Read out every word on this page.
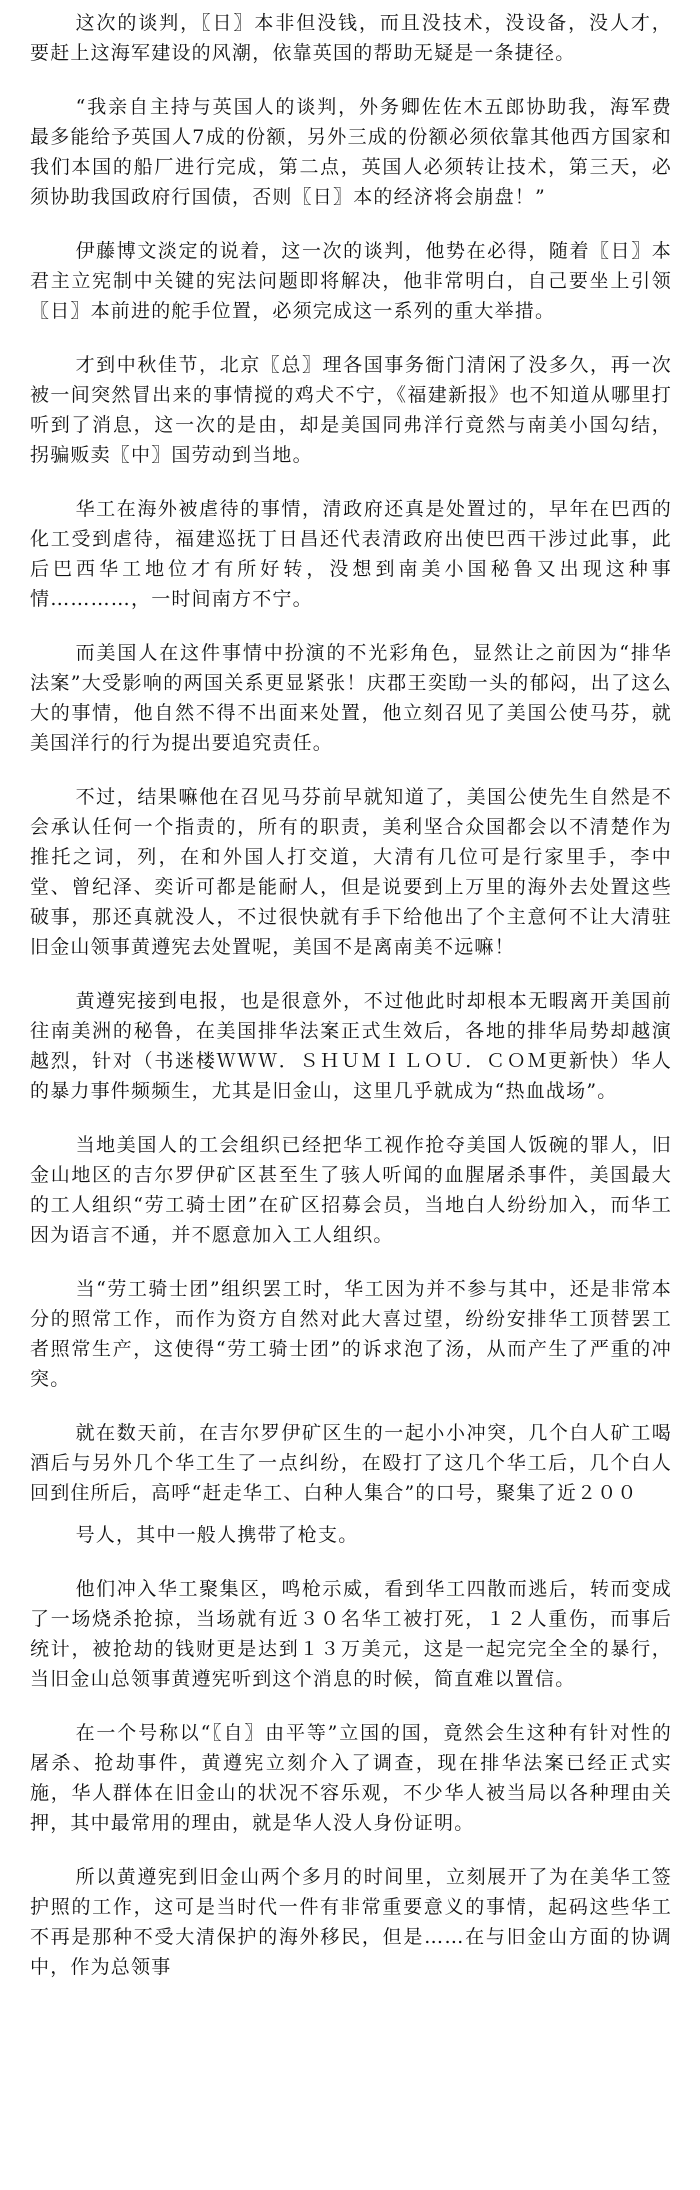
这次的谈判，〖日〗本非但没钱，而且没技术，没设备，没人才，要赶上这海军建设的风潮，依靠英国的帮助无疑是一条捷径。

“我亲自主持与英国人的谈判，外务卿佐佐木五郎协助我，海军费最多能给予英国人7成的份额，另外三成的份额必须依靠其他西方国家和我们本国的船厂进行完成，第二点，英国人必须转让技术，第三天，必须协助我国政府行国债，否则〖日〗本的经济将会崩盘！”

伊藤博文淡定的说着，这一次的谈判，他势在必得，随着〖日〗本君主立宪制中关键的宪法问题即将解决，他非常明白，自己要坐上引领〖日〗本前进的舵手位置，必须完成这一系列的重大举措。

才到中秋佳节，北京〖总〗理各国事务衙门清闲了没多久，再一次被一间突然冒出来的事情搅的鸡犬不宁，《福建新报》也不知道从哪里打听到了消息，这一次的是由，却是美国同弗洋行竟然与南美小国勾结，拐骗贩卖〖中〗国劳动到当地。

华工在海外被虐待的事情，清政府还真是处置过的，早年在巴西的化工受到虐待，福建巡抚丁日昌还代表清政府出使巴西干涉过此事，此后巴西华工地位才有所好转，没想到南美小国秘鲁又出现这种事情…………，一时间南方不宁。

而美国人在这件事情中扮演的不光彩角色，显然让之前因为“排华法案”大受影响的两国关系更显紧张！庆郡王奕劻一头的郁闷，出了这么大的事情，他自然不得不出面来处置，他立刻召见了美国公使马芬，就美国洋行的行为提出要追究责任。

不过，结果嘛他在召见马芬前早就知道了，美国公使先生自然是不会承认任何一个指责的，所有的职责，美利坚合众国都会以不清楚作为推托之词，列，在和外国人打交道，大清有几位可是行家里手，李中堂、曾纪泽、奕䜣可都是能耐人，但是说要到上万里的海外去处置这些破事，那还真就没人，不过很快就有手下给他出了个主意何不让大清驻旧金山领事黄遵宪去处置呢，美国不是离南美不远嘛！

黄遵宪接到电报，也是很意外，不过他此时却根本无暇离开美国前往南美洲的秘鲁，在美国排华法案正式生效后，各地的排华局势却越演越烈，针对（书迷楼ＷＷＷ．ＳＨＵＭＩＬＯＵ．ＣＯＭ更新快）华人的暴力事件频频生，尤其是旧金山，这里几乎就成为“热血战场”。

当地美国人的工会组织已经把华工视作抢夺美国人饭碗的罪人，旧金山地区的吉尔罗伊矿区甚至生了骇人听闻的血腥屠杀事件，美国最大的工人组织“劳工骑士团”在矿区招募会员，当地白人纷纷加入，而华工因为语言不通，并不愿意加入工人组织。

当“劳工骑士团”组织罢工时，华工因为并不参与其中，还是非常本分的照常工作，而作为资方自然对此大喜过望，纷纷安排华工顶替罢工者照常生产，这使得“劳工骑士团”的诉求泡了汤，从而产生了严重的冲突。

就在数天前，在吉尔罗伊矿区生的一起小小冲突，几个白人矿工喝酒后与另外几个华工生了一点纠纷，在殴打了这几个华工后，几个白人回到住所后，高呼“赶走华工、白种人集合”的口号，聚集了近２００

号人，其中一般人携带了枪支。

他们冲入华工聚集区，鸣枪示威，看到华工四散而逃后，转而变成了一场烧杀抢掠，当场就有近３０名华工被打死，１２人重伤，而事后统计，被抢劫的钱财更是达到１３万美元，这是一起完完全全的暴行，当旧金山总领事黄遵宪听到这个消息的时候，简直难以置信。

在一个号称以“〖自〗由平等”立国的国，竟然会生这种有针对性的屠杀、抢劫事件，黄遵宪立刻介入了调查，现在排华法案已经正式实施，华人群体在旧金山的状况不容乐观，不少华人被当局以各种理由关押，其中最常用的理由，就是华人没人身份证明。

所以黄遵宪到旧金山两个多月的时间里，立刻展开了为在美华工签护照的工作，这可是当时代一件有非常重要意义的事情，起码这些华工不再是那种不受大清保护的海外移民，但是……在与旧金山方面的协调中，作为总领事
